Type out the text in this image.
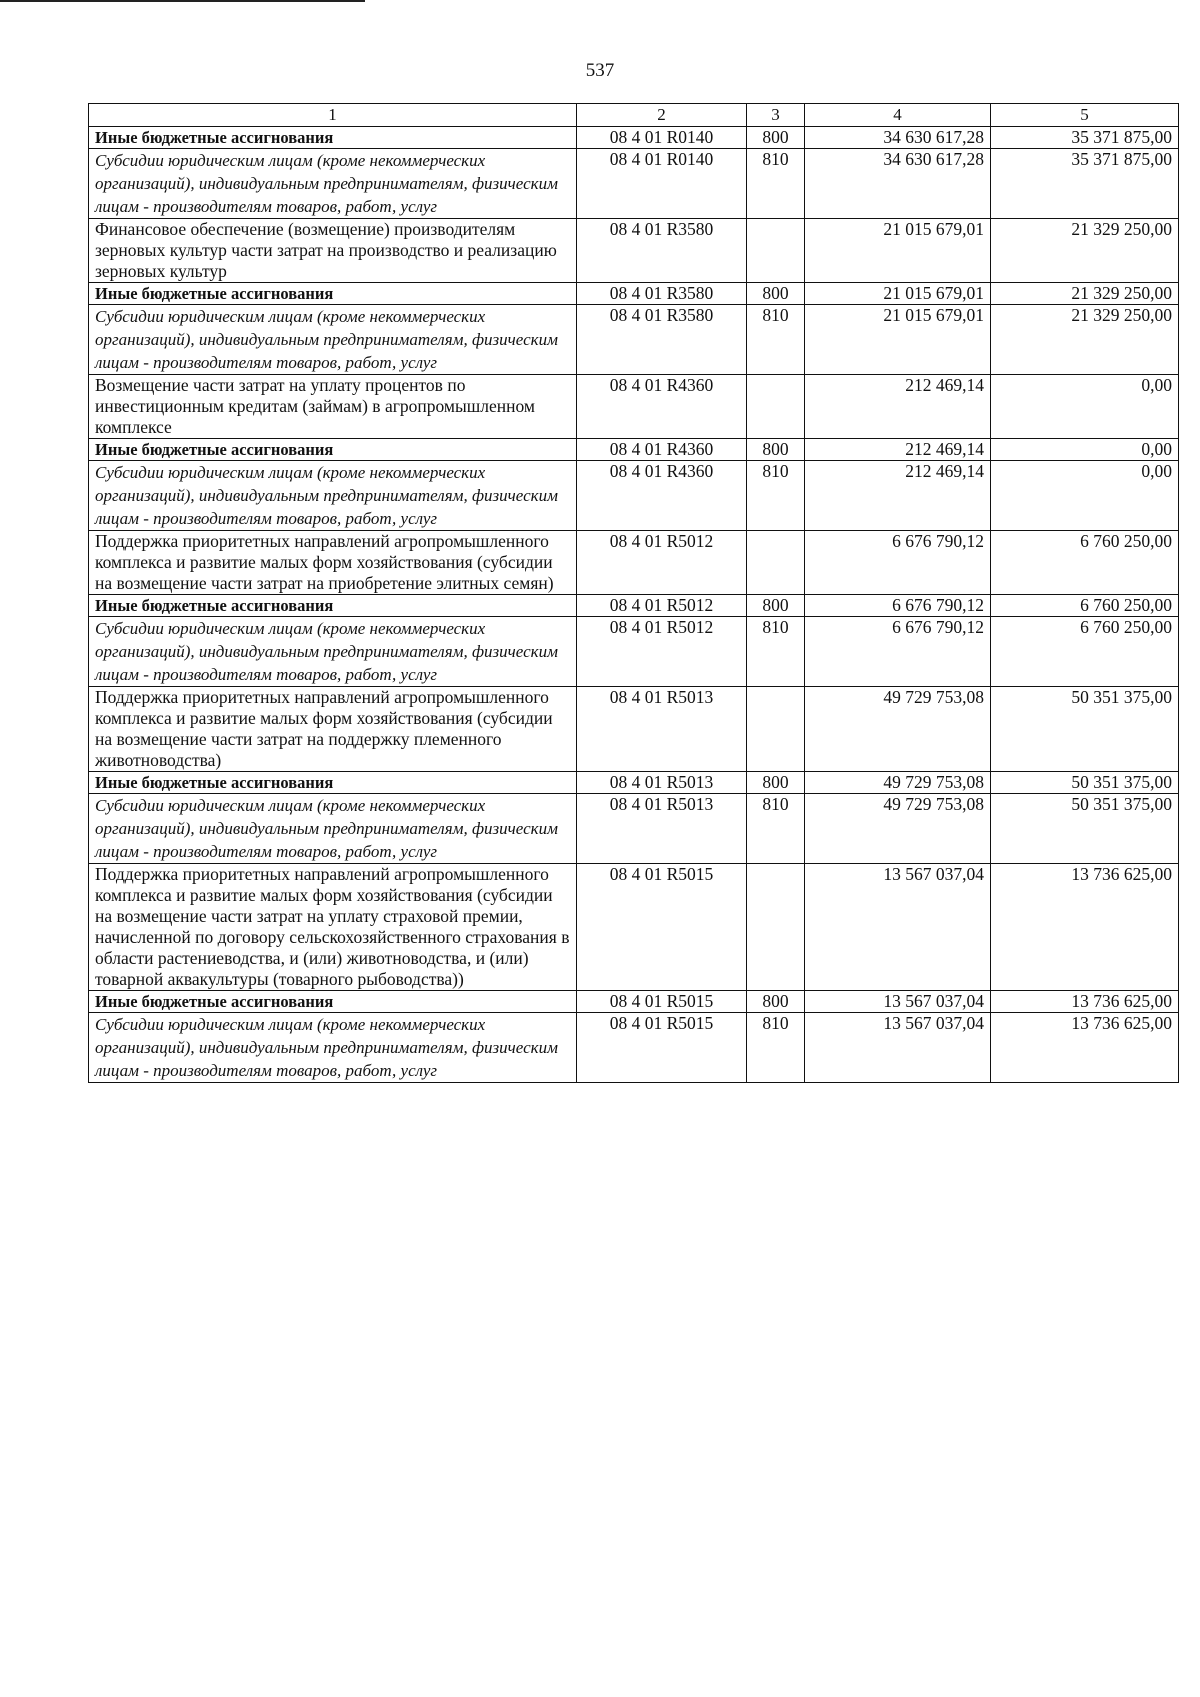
537
1	2	3	4	5
Иные бюджетные ассигнования	08 4 01 R0140	800	34 630 617,28	35 371 875,00
Субсидии юридическим лицам (кроме некоммерческих организаций), индивидуальным предпринимателям, физическим лицам - производителям товаров, работ, услуг	08 4 01 R0140	810	34 630 617,28	35 371 875,00
Финансовое обеспечение (возмещение) производителям зерновых культур части затрат на производство и реализацию зерновых культур	08 4 01 R3580		21 015 679,01	21 329 250,00
Иные бюджетные ассигнования	08 4 01 R3580	800	21 015 679,01	21 329 250,00
Субсидии юридическим лицам (кроме некоммерческих организаций), индивидуальным предпринимателям, физическим лицам - производителям товаров, работ, услуг	08 4 01 R3580	810	21 015 679,01	21 329 250,00
Возмещение части затрат на уплату процентов по инвестиционным кредитам (займам) в агропромышленном комплексе	08 4 01 R4360		212 469,14	0,00
Иные бюджетные ассигнования	08 4 01 R4360	800	212 469,14	0,00
Субсидии юридическим лицам (кроме некоммерческих организаций), индивидуальным предпринимателям, физическим лицам - производителям товаров, работ, услуг	08 4 01 R4360	810	212 469,14	0,00
Поддержка приоритетных направлений агропромышленного комплекса и развитие малых форм хозяйствования (субсидии на возмещение части затрат на приобретение элитных семян)	08 4 01 R5012		6 676 790,12	6 760 250,00
Иные бюджетные ассигнования	08 4 01 R5012	800	6 676 790,12	6 760 250,00
Субсидии юридическим лицам (кроме некоммерческих организаций), индивидуальным предпринимателям, физическим лицам - производителям товаров, работ, услуг	08 4 01 R5012	810	6 676 790,12	6 760 250,00
Поддержка приоритетных направлений агропромышленного комплекса и развитие малых форм хозяйствования (субсидии на возмещение части затрат на поддержку племенного животноводства)	08 4 01 R5013		49 729 753,08	50 351 375,00
Иные бюджетные ассигнования	08 4 01 R5013	800	49 729 753,08	50 351 375,00
Субсидии юридическим лицам (кроме некоммерческих организаций), индивидуальным предпринимателям, физическим лицам - производителям товаров, работ, услуг	08 4 01 R5013	810	49 729 753,08	50 351 375,00
Поддержка приоритетных направлений агропромышленного комплекса и развитие малых форм хозяйствования (субсидии на возмещение части затрат на уплату страховой премии, начисленной по договору сельскохозяйственного страхования в области растениеводства, и (или) животноводства, и (или) товарной аквакультуры (товарного рыбоводства))	08 4 01 R5015		13 567 037,04	13 736 625,00
Иные бюджетные ассигнования	08 4 01 R5015	800	13 567 037,04	13 736 625,00
Субсидии юридическим лицам (кроме некоммерческих организаций), индивидуальным предпринимателям, физическим лицам - производителям товаров, работ, услуг	08 4 01 R5015	810	13 567 037,04	13 736 625,00
